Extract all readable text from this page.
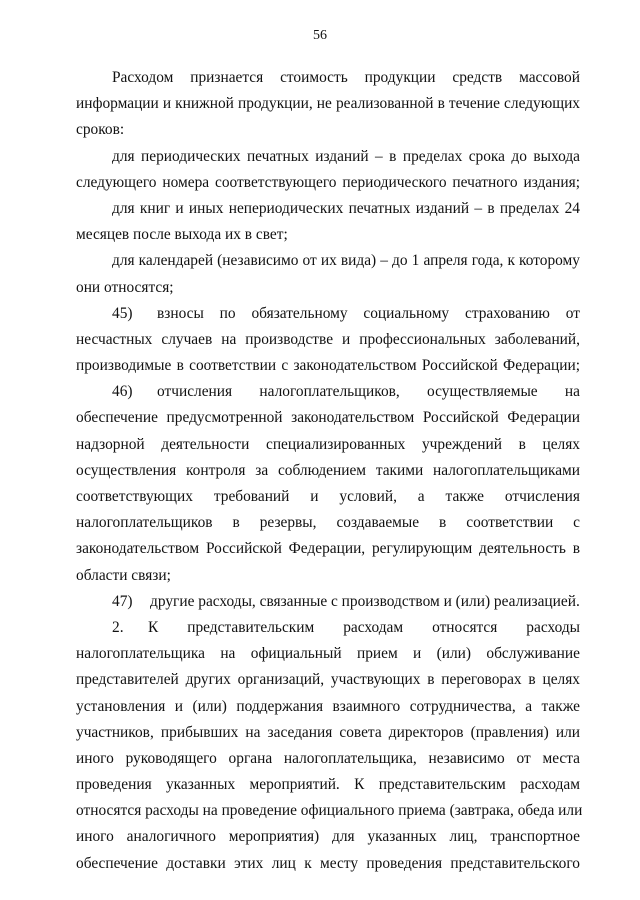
56
Расходом признается стоимость продукции средств массовой
информации и книжной продукции, не реализованной в течение следующих
сроков:
для периодических печатных изданий – в пределах срока до выхода
следующего номера соответствующего периодического печатного издания;
для книг и иных непериодических печатных изданий – в пределах 24
месяцев после выхода их в свет;
для календарей (независимо от их вида) – до 1 апреля года, к которому
они относятся;
45)	взносы по обязательному социальному страхованию от
несчастных случаев на производстве и профессиональных заболеваний,
производимые в соответствии с законодательством Российской Федерации;
46)	отчисления налогоплательщиков, осуществляемые на
обеспечение предусмотренной законодательством Российской Федерации
надзорной деятельности специализированных учреждений в целях
осуществления контроля за соблюдением такими налогоплательщиками
соответствующих требований и условий, а также отчисления
налогоплательщиков в резервы, создаваемые в соответствии с
законодательством Российской Федерации, регулирующим деятельность в
области связи;
47)	другие расходы, связанные с производством и (или) реализацией.
2.	К представительским расходам относятся расходы
налогоплательщика на официальный прием и (или) обслуживание
представителей других организаций, участвующих в переговорах в целях
установления и (или) поддержания взаимного сотрудничества, а также
участников, прибывших на заседания совета директоров (правления) или
иного руководящего органа налогоплательщика, независимо от места
проведения указанных мероприятий. К представительским расходам
относятся расходы на проведение официального приема (завтрака, обеда или
иного аналогичного мероприятия) для указанных лиц, транспортное
обеспечение доставки этих лиц к месту проведения представительского
